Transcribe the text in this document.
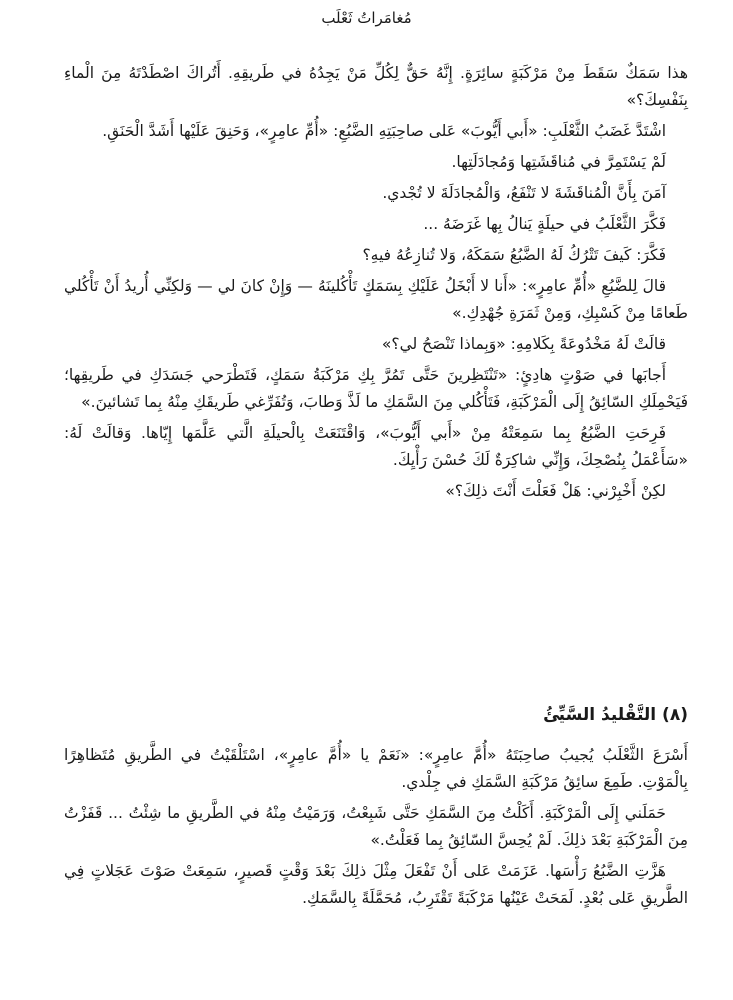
مُغامَراتُ ثَعْلَب

هذا سَمَكٌ سَقَطَ مِنْ مَرْكَبَةٍ سائِرَةٍ. إِنَّهُ حَقٌّ لِكُلِّ مَنْ يَجِدُهُ في طَريقِهِ. أَتُراكَ اصْطَدْتَهُ مِنَ الْماءِ بِنَفْسِكَ؟»

اشْتَدَّ غَضَبُ الثَّعْلَبِ: «أَبي أَيُّوبَ» عَلى صاحِبَتِهِ الضَّبُعِ: «أُمِّ عامِرٍ»، وَحَنِقَ عَلَيْها أَشَدَّ الْحَنَقِ.

لَمْ يَسْتَمِرَّ في مُناقَشَتِها وَمُجادَلَتِها.

آمَنَ بِأَنَّ الْمُناقَشَةَ لا تَنْفَعُ، وَالْمُجادَلَةَ لا تُجْدي.

فَكَّرَ الثَّعْلَبُ في حيلَةٍ يَنالُ بِها غَرَضَهُ ...

فَكَّرَ: كَيفَ تَتْرُكُ لَهُ الضَّبُعُ سَمَكَهُ، وَلا تُنازِعُهُ فيهِ؟

قالَ لِلضَّبُعِ «أُمِّ عامِرٍ»: «أَنا لا أَبْخَلُ عَلَيْكِ بِسَمَكٍ تَأْكُلينَهُ — وَإِنْ كانَ لي — وَلكِنِّي أُريدُ أَنْ تَأْكُلي طَعامًا مِنْ كَسْبِكِ، وَمِنْ ثَمَرَةِ جُهْدِكِ.»

قالَتْ لَهُ مَخْدُوعَةً بِكَلامِهِ: «وَبِماذا تَنْصَحُ لي؟»

أَجابَها في صَوْتٍ هادِئٍ: «تَنْتَظِرينَ حَتَّى تَمُرَّ بِكِ مَرْكَبَةُ سَمَكٍ، فَتَطْرَحي جَسَدَكِ في طَريقِها؛ فَيَحْمِلَكِ السّائِقُ إِلَى الْمَرْكَبَةِ، فَتَأْكُلي مِنَ السَّمَكِ ما لَذَّ وَطابَ، وَتُفَرِّغي طَريقَكِ مِنْهُ بِما تَشائينَ.»

فَرِحَتِ الضَّبُعُ بِما سَمِعَتْهُ مِنْ «أَبي أَيُّوبَ»، وَاقْتَنَعَتْ بِالْحيلَةِ الَّتي عَلَّمَها إِيّاها. وَقالَتْ لَهُ: «سَأَعْمَلُ بِنُصْحِكَ، وَإِنِّي شاكِرَةٌ لَكَ حُسْنَ رَأْيِكَ.

لكِنْ أَخْبِرْني: هَلْ فَعَلْتَ أَنْتَ ذلِكَ؟»

(٨) التَّقْليدُ السَّيِّئُ

أَسْرَعَ الثَّعْلَبُ يُجيبُ صاحِبَتَهُ «أُمَّ عامِرٍ»: «نَعَمْ يا «أُمَّ عامِرٍ»، اسْتَلْقَيْتُ في الطَّريقِ مُتَظاهِرًا بِالْمَوْتِ. طَمِعَ سائِقُ مَرْكَبَةِ السَّمَكِ في جِلْدي.

حَمَلَني إِلَى الْمَرْكَبَةِ. أَكَلْتُ مِنَ السَّمَكِ حَتَّى شَبِعْتُ، وَرَمَيْتُ مِنْهُ في الطَّريقِ ما شِئْتُ ... قَفَزْتُ مِنَ الْمَرْكَبَةِ بَعْدَ ذلِكَ. لَمْ يُحِسَّ السّائِقُ بِما فَعَلْتُ.»

هَزَّتِ الضَّبُعُ رَأْسَها. عَزَمَتْ عَلى أَنْ تَفْعَلَ مِثْلَ ذلِكَ بَعْدَ وَقْتٍ قَصيرٍ، سَمِعَتْ صَوْتَ عَجَلاتٍ فِي الطَّريقِ عَلى بُعْدٍ. لَمَحَتْ عَيْنُها مَرْكَبَةً تَقْتَرِبُ، مُحَمَّلَةً بِالسَّمَكِ.
